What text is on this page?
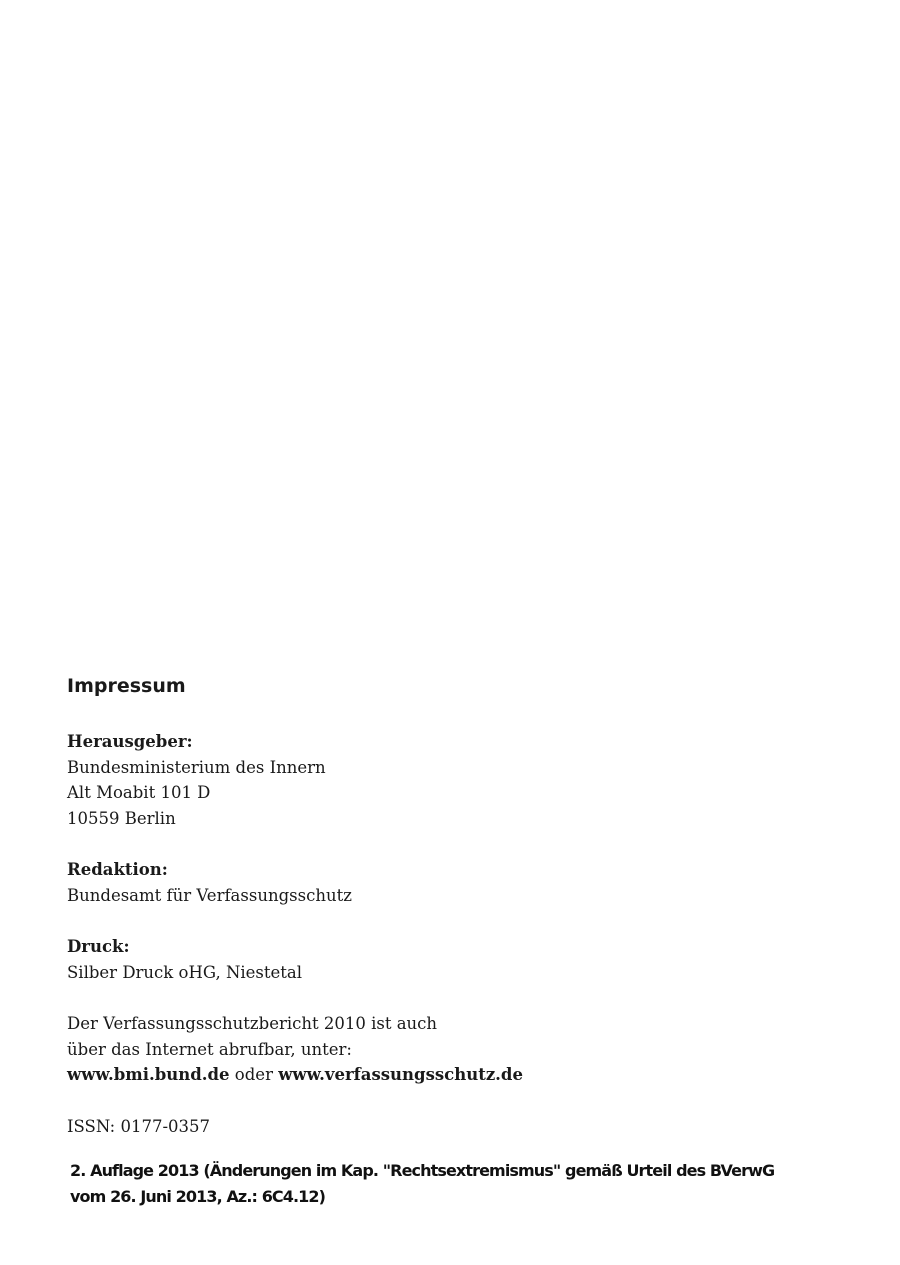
Impressum
Herausgeber:
Bundesministerium des Innern
Alt Moabit 101 D
10559 Berlin
Redaktion:
Bundesamt für Verfassungsschutz
Druck:
Silber Druck oHG, Niestetal
Der Verfassungsschutzbericht 2010 ist auch
über das Internet abrufbar, unter:
www.bmi.bund.de oder www.verfassungsschutz.de
ISSN: 0177-0357
2. Auflage 2013 (Änderungen im Kap. "Rechtsextremismus" gemäß Urteil des BVerwG
vom 26. Juni 2013, Az.: 6C4.12)
